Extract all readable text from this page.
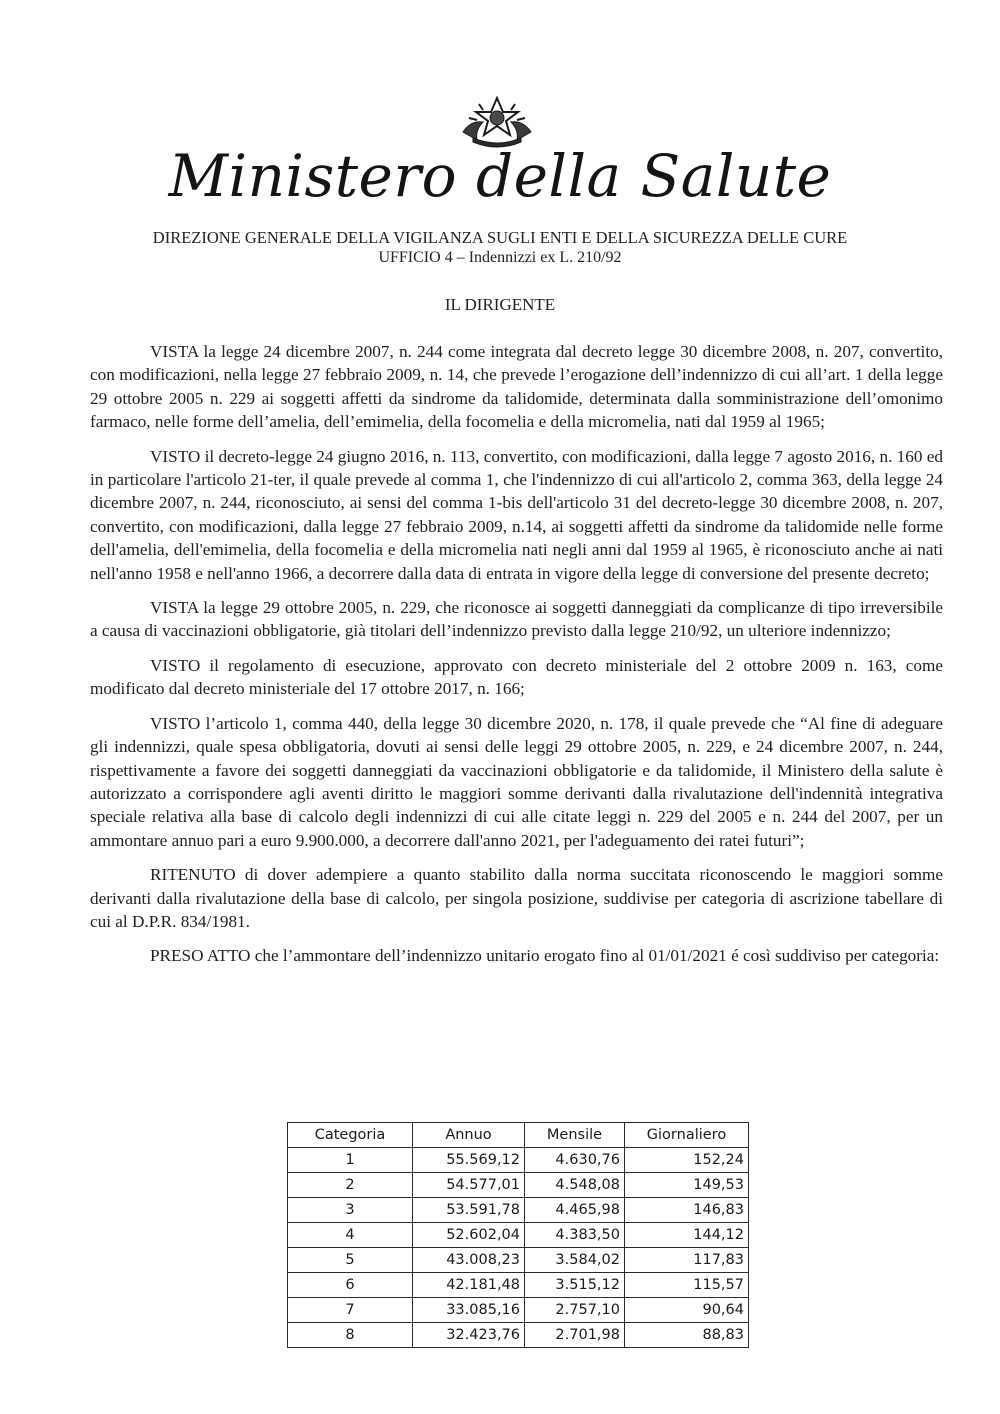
Ministero della Salute
DIREZIONE GENERALE DELLA VIGILANZA SUGLI ENTI E DELLA SICUREZZA DELLE CURE
UFFICIO 4 – Indennizzi ex L. 210/92
IL DIRIGENTE

VISTA la legge 24 dicembre 2007, n. 244 come integrata dal decreto legge 30 dicembre 2008, n. 207, convertito, con modificazioni, nella legge 27 febbraio 2009, n. 14, che prevede l’erogazione dell’indennizzo di cui all’art. 1 della legge 29 ottobre 2005 n. 229 ai soggetti affetti da sindrome da talidomide, determinata dalla somministrazione dell’omonimo farmaco, nelle forme dell’amelia, dell’emimelia, della focomelia e della micromelia, nati dal 1959 al 1965;

VISTO il decreto-legge 24 giugno 2016, n. 113, convertito, con modificazioni, dalla legge 7 agosto 2016, n. 160 ed in particolare l'articolo 21-ter, il quale prevede al comma 1, che l'indennizzo di cui all'articolo 2, comma 363, della legge 24 dicembre 2007, n. 244, riconosciuto, ai sensi del comma 1-bis dell'articolo 31 del decreto-legge 30 dicembre 2008, n. 207, convertito, con modificazioni, dalla legge 27 febbraio 2009, n.14, ai soggetti affetti da sindrome da talidomide nelle forme dell'amelia, dell'emimelia, della focomelia e della micromelia nati negli anni dal 1959 al 1965, è riconosciuto anche ai nati nell'anno 1958 e nell'anno 1966, a decorrere dalla data di entrata in vigore della legge di conversione del presente decreto;

VISTA la legge 29 ottobre 2005, n. 229, che riconosce ai soggetti danneggiati da complicanze di tipo irreversibile a causa di vaccinazioni obbligatorie, già titolari dell’indennizzo previsto dalla legge 210/92, un ulteriore indennizzo;

VISTO il regolamento di esecuzione, approvato con decreto ministeriale del 2 ottobre 2009 n. 163, come modificato dal decreto ministeriale del 17 ottobre 2017, n. 166;

VISTO l’articolo 1, comma 440, della legge 30 dicembre 2020, n. 178, il quale prevede che “Al fine di adeguare gli indennizzi, quale spesa obbligatoria, dovuti ai sensi delle leggi 29 ottobre 2005, n. 229, e 24 dicembre 2007, n. 244, rispettivamente a favore dei soggetti danneggiati da vaccinazioni obbligatorie e da talidomide, il Ministero della salute è autorizzato a corrispondere agli aventi diritto le maggiori somme derivanti dalla rivalutazione dell'indennità integrativa speciale relativa alla base di calcolo degli indennizzi di cui alle citate leggi n. 229 del 2005 e n. 244 del 2007, per un ammontare annuo pari a euro 9.900.000, a decorrere dall'anno 2021, per l'adeguamento dei ratei futuri”;

RITENUTO di dover adempiere a quanto stabilito dalla norma succitata riconoscendo le maggiori somme derivanti dalla rivalutazione della base di calcolo, per singola posizione, suddivise per categoria di ascrizione tabellare di cui al D.P.R. 834/1981.

PRESO ATTO che l’ammontare dell’indennizzo unitario erogato fino al 01/01/2021 é così suddiviso per categoria:

Categoria	Annuo	Mensile	Giornaliero
1	55.569,12	4.630,76	152,24
2	54.577,01	4.548,08	149,53
3	53.591,78	4.465,98	146,83
4	52.602,04	4.383,50	144,12
5	43.008,23	3.584,02	117,83
6	42.181,48	3.515,12	115,57
7	33.085,16	2.757,10	90,64
8	32.423,76	2.701,98	88,83
